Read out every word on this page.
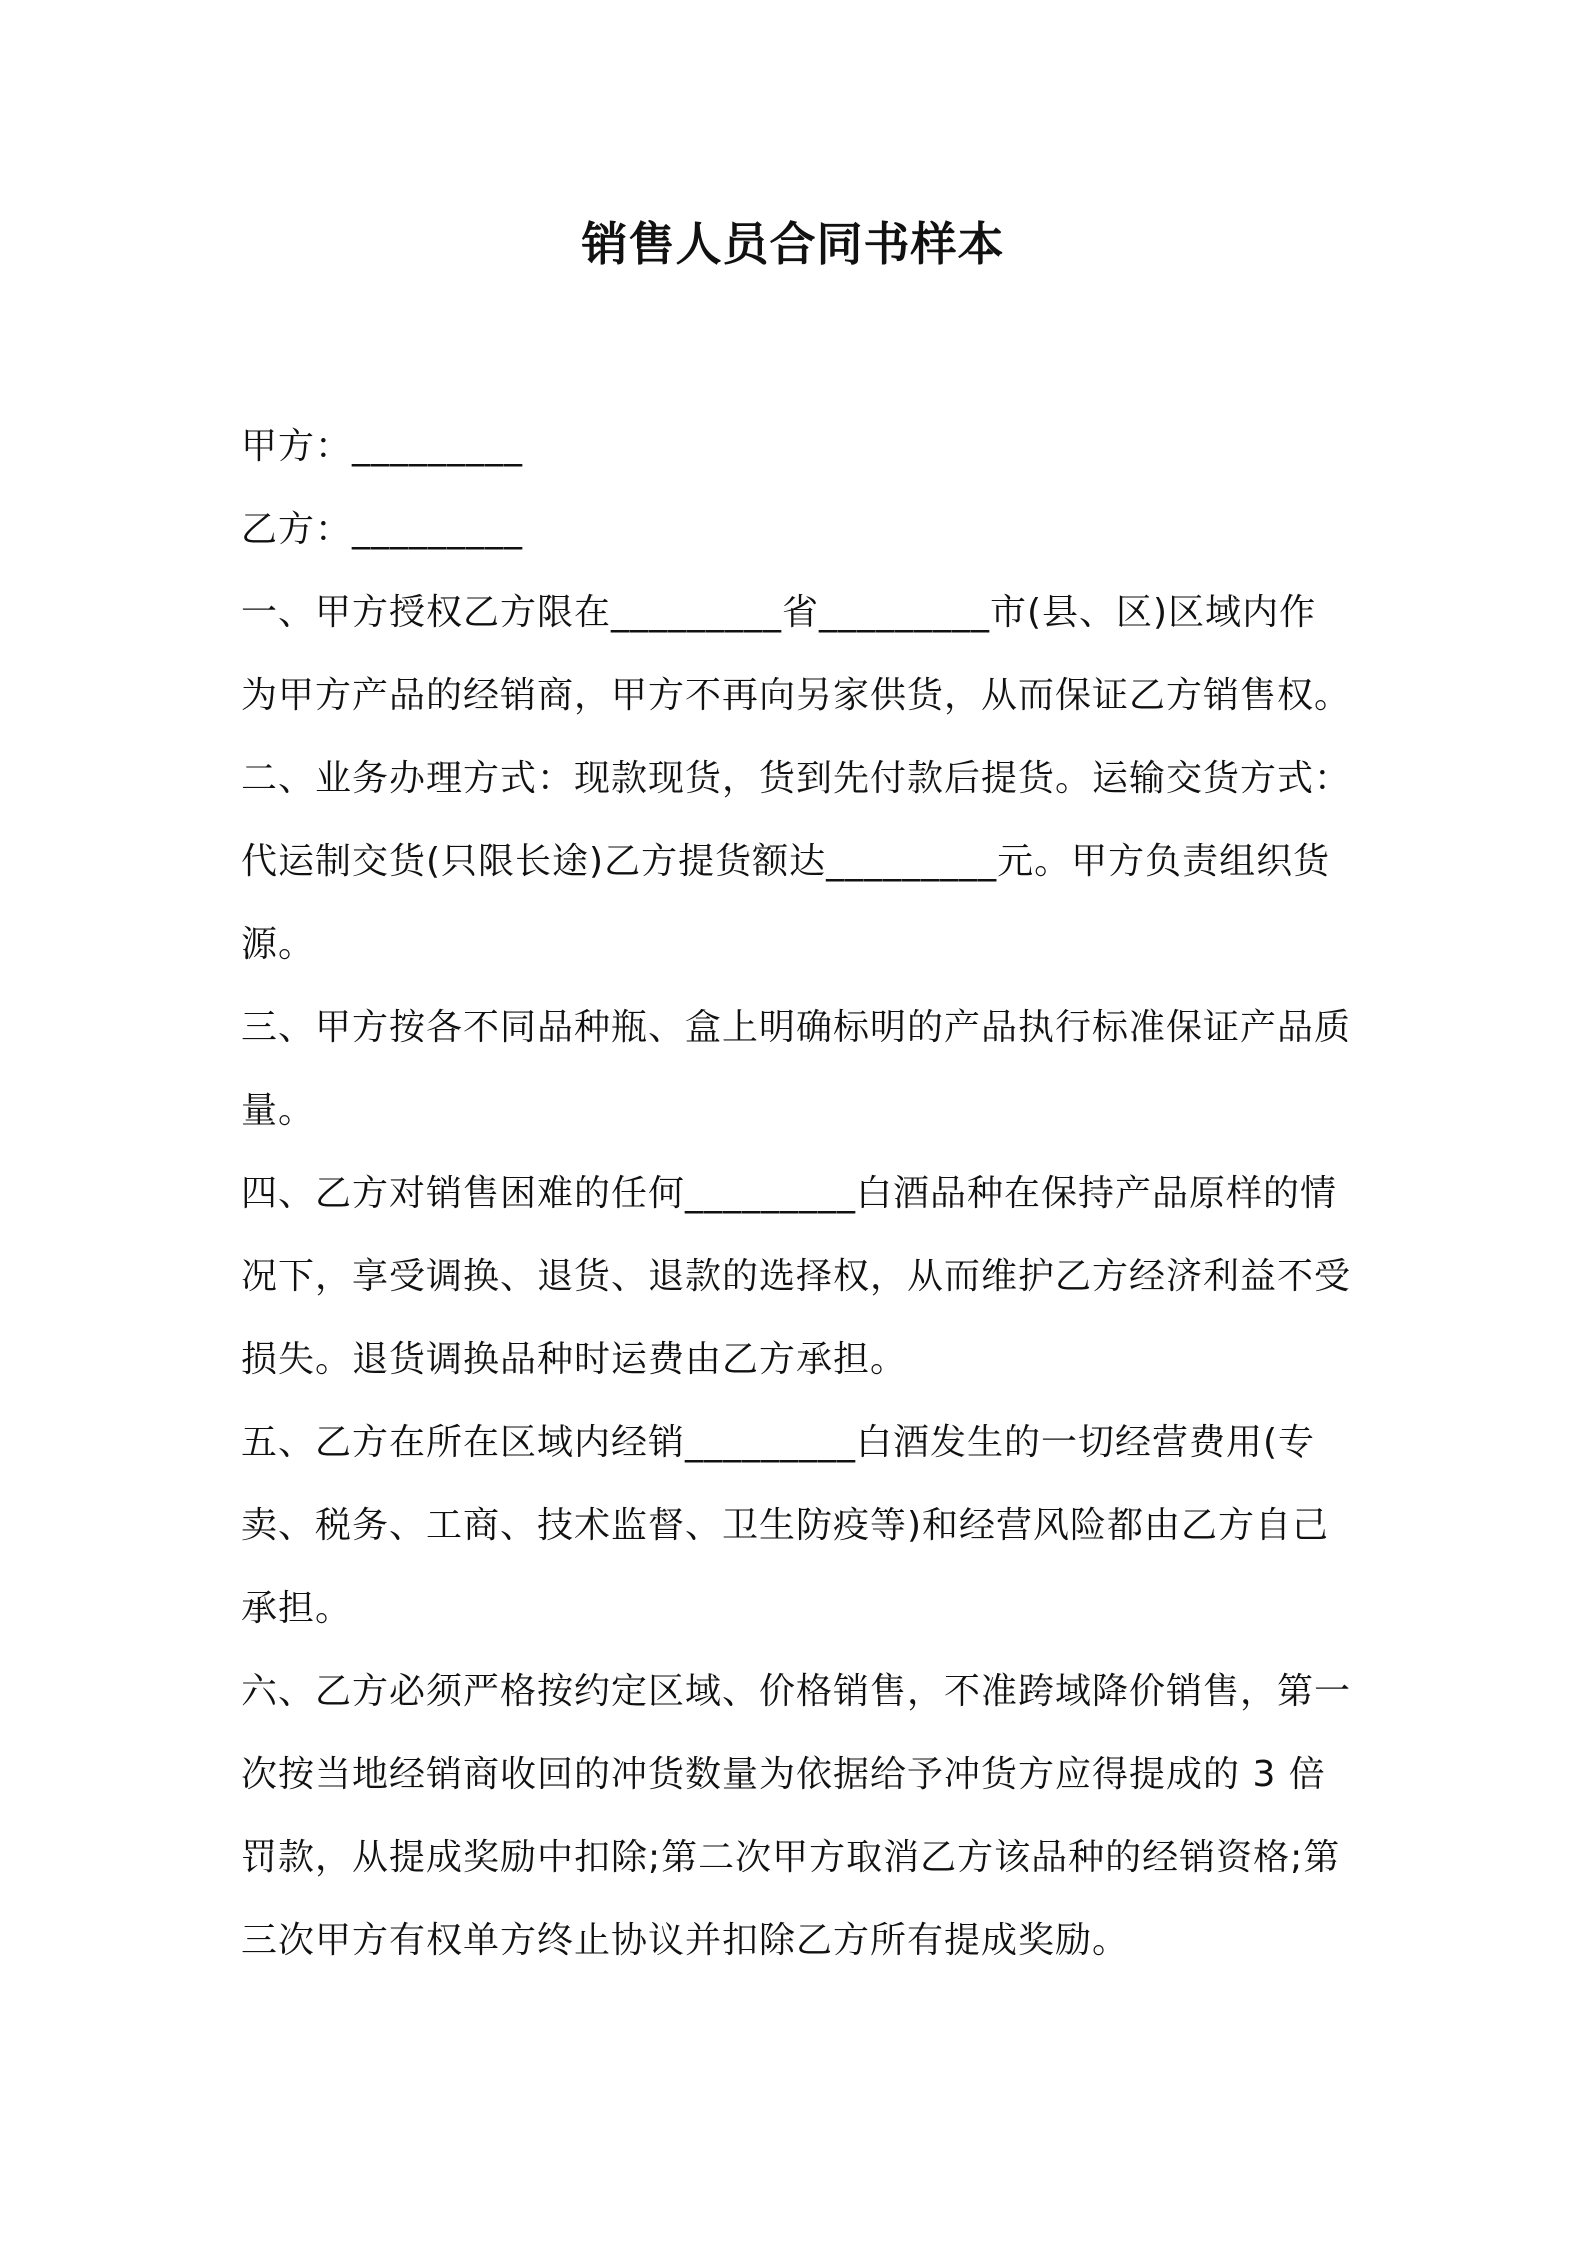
销售人员合同书样本
甲方：_________
乙方：_________
一、甲方授权乙方限在_________省_________市(县、区)区域内作
为甲方产品的经销商，甲方不再向另家供货，从而保证乙方销售权。
二、业务办理方式：现款现货，货到先付款后提货。运输交货方式：
代运制交货(只限长途)乙方提货额达_________元。甲方负责组织货
源。
三、甲方按各不同品种瓶、盒上明确标明的产品执行标准保证产品质
量。
四、乙方对销售困难的任何_________白酒品种在保持产品原样的情
况下，享受调换、退货、退款的选择权，从而维护乙方经济利益不受
损失。退货调换品种时运费由乙方承担。
五、乙方在所在区域内经销_________白酒发生的一切经营费用(专
卖、税务、工商、技术监督、卫生防疫等)和经营风险都由乙方自己
承担。
六、乙方必须严格按约定区域、价格销售，不准跨域降价销售，第一
次按当地经销商收回的冲货数量为依据给予冲货方应得提成的 3 倍
罚款，从提成奖励中扣除;第二次甲方取消乙方该品种的经销资格;第
三次甲方有权单方终止协议并扣除乙方所有提成奖励。
